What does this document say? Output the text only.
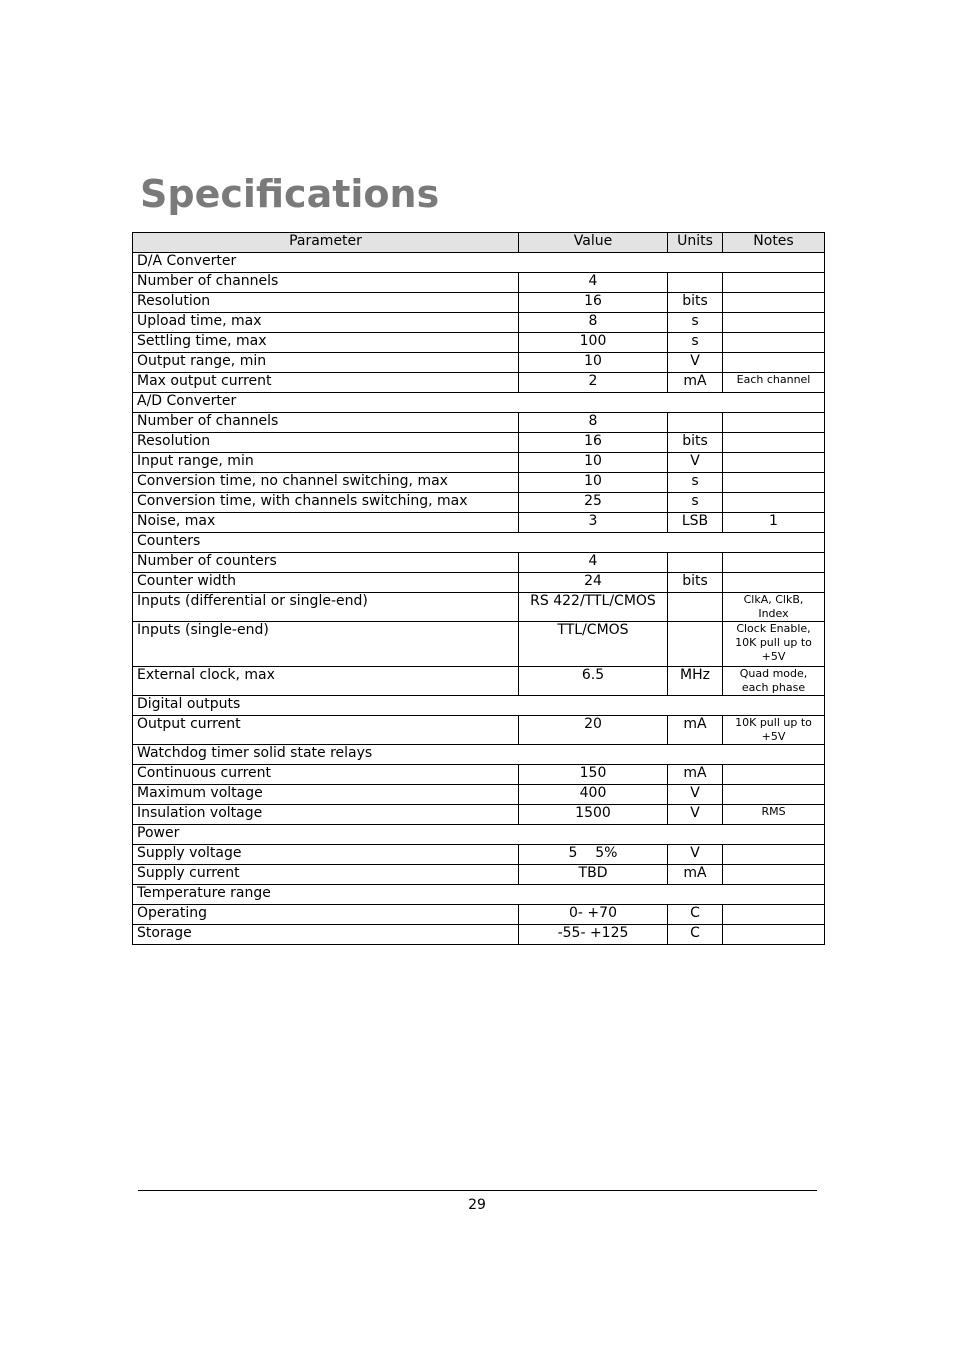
Specifications
Parameter	Value	Units	Notes
D/A Converter			
Number of channels	4		
Resolution	16	bits	
Upload time, max	8	s	
Settling time, max	100	s	
Output range, min	10	V	
Max output current	2	mA	Each channel
A/D Converter			
Number of channels	8		
Resolution	16	bits	
Input range, min	10	V	
Conversion time, no channel switching, max	10	s	
Conversion time, with channels switching, max	25	s	
Noise, max	3	LSB	1
Counters			
Number of counters	4		
Counter width	24	bits	
Inputs (differential or single-end)	RS 422/TTL/CMOS		ClkA, ClkB, Index
Inputs (single-end)	TTL/CMOS		Clock Enable, 10K pull up to +5V
External clock, max	6.5	MHz	Quad mode, each phase
Digital outputs			
Output current	20	mA	10K pull up to +5V
Watchdog timer solid state relays			
Continuous current	150	mA	
Maximum voltage	400	V	
Insulation voltage	1500	V	RMS
Power			
Supply voltage	5    5%	V	
Supply current	TBD	mA	
Temperature range			
Operating	0- +70	C	
Storage	-55- +125	C	
29
